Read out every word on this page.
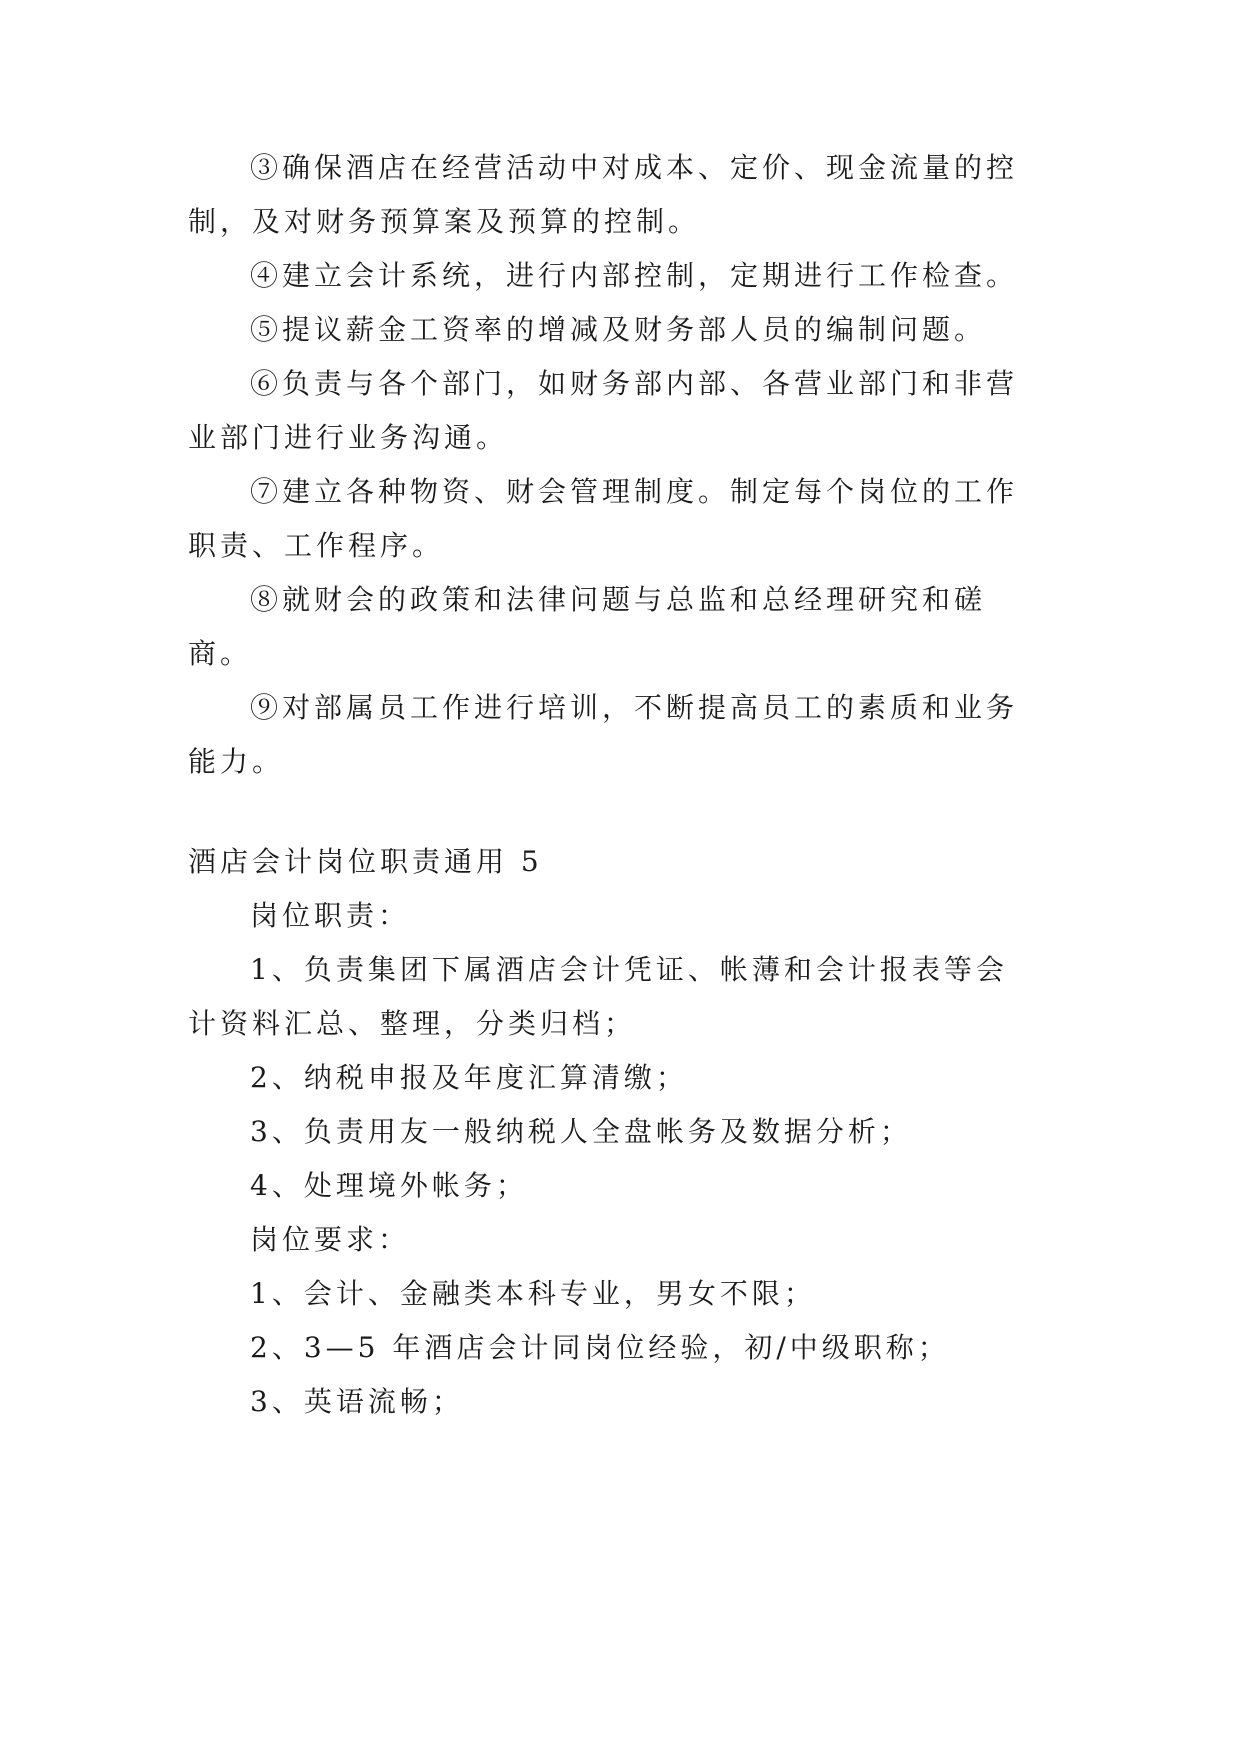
③确保酒店在经营活动中对成本、定价、现金流量的控
制，及对财务预算案及预算的控制。
④建立会计系统，进行内部控制，定期进行工作检查。
⑤提议薪金工资率的增减及财务部人员的编制问题。
⑥负责与各个部门，如财务部内部、各营业部门和非营
业部门进行业务沟通。
⑦建立各种物资、财会管理制度。制定每个岗位的工作
职责、工作程序。
⑧就财会的政策和法律问题与总监和总经理研究和磋
商。
⑨对部属员工作进行培训，不断提高员工的素质和业务
能力。
酒店会计岗位职责通用 5
岗位职责：
1、负责集团下属酒店会计凭证、帐薄和会计报表等会
计资料汇总、整理，分类归档；
2、纳税申报及年度汇算清缴；
3、负责用友一般纳税人全盘帐务及数据分析；
4、处理境外帐务；
岗位要求：
1、会计、金融类本科专业，男女不限；
2、3—5 年酒店会计同岗位经验，初/中级职称；
3、英语流畅；
